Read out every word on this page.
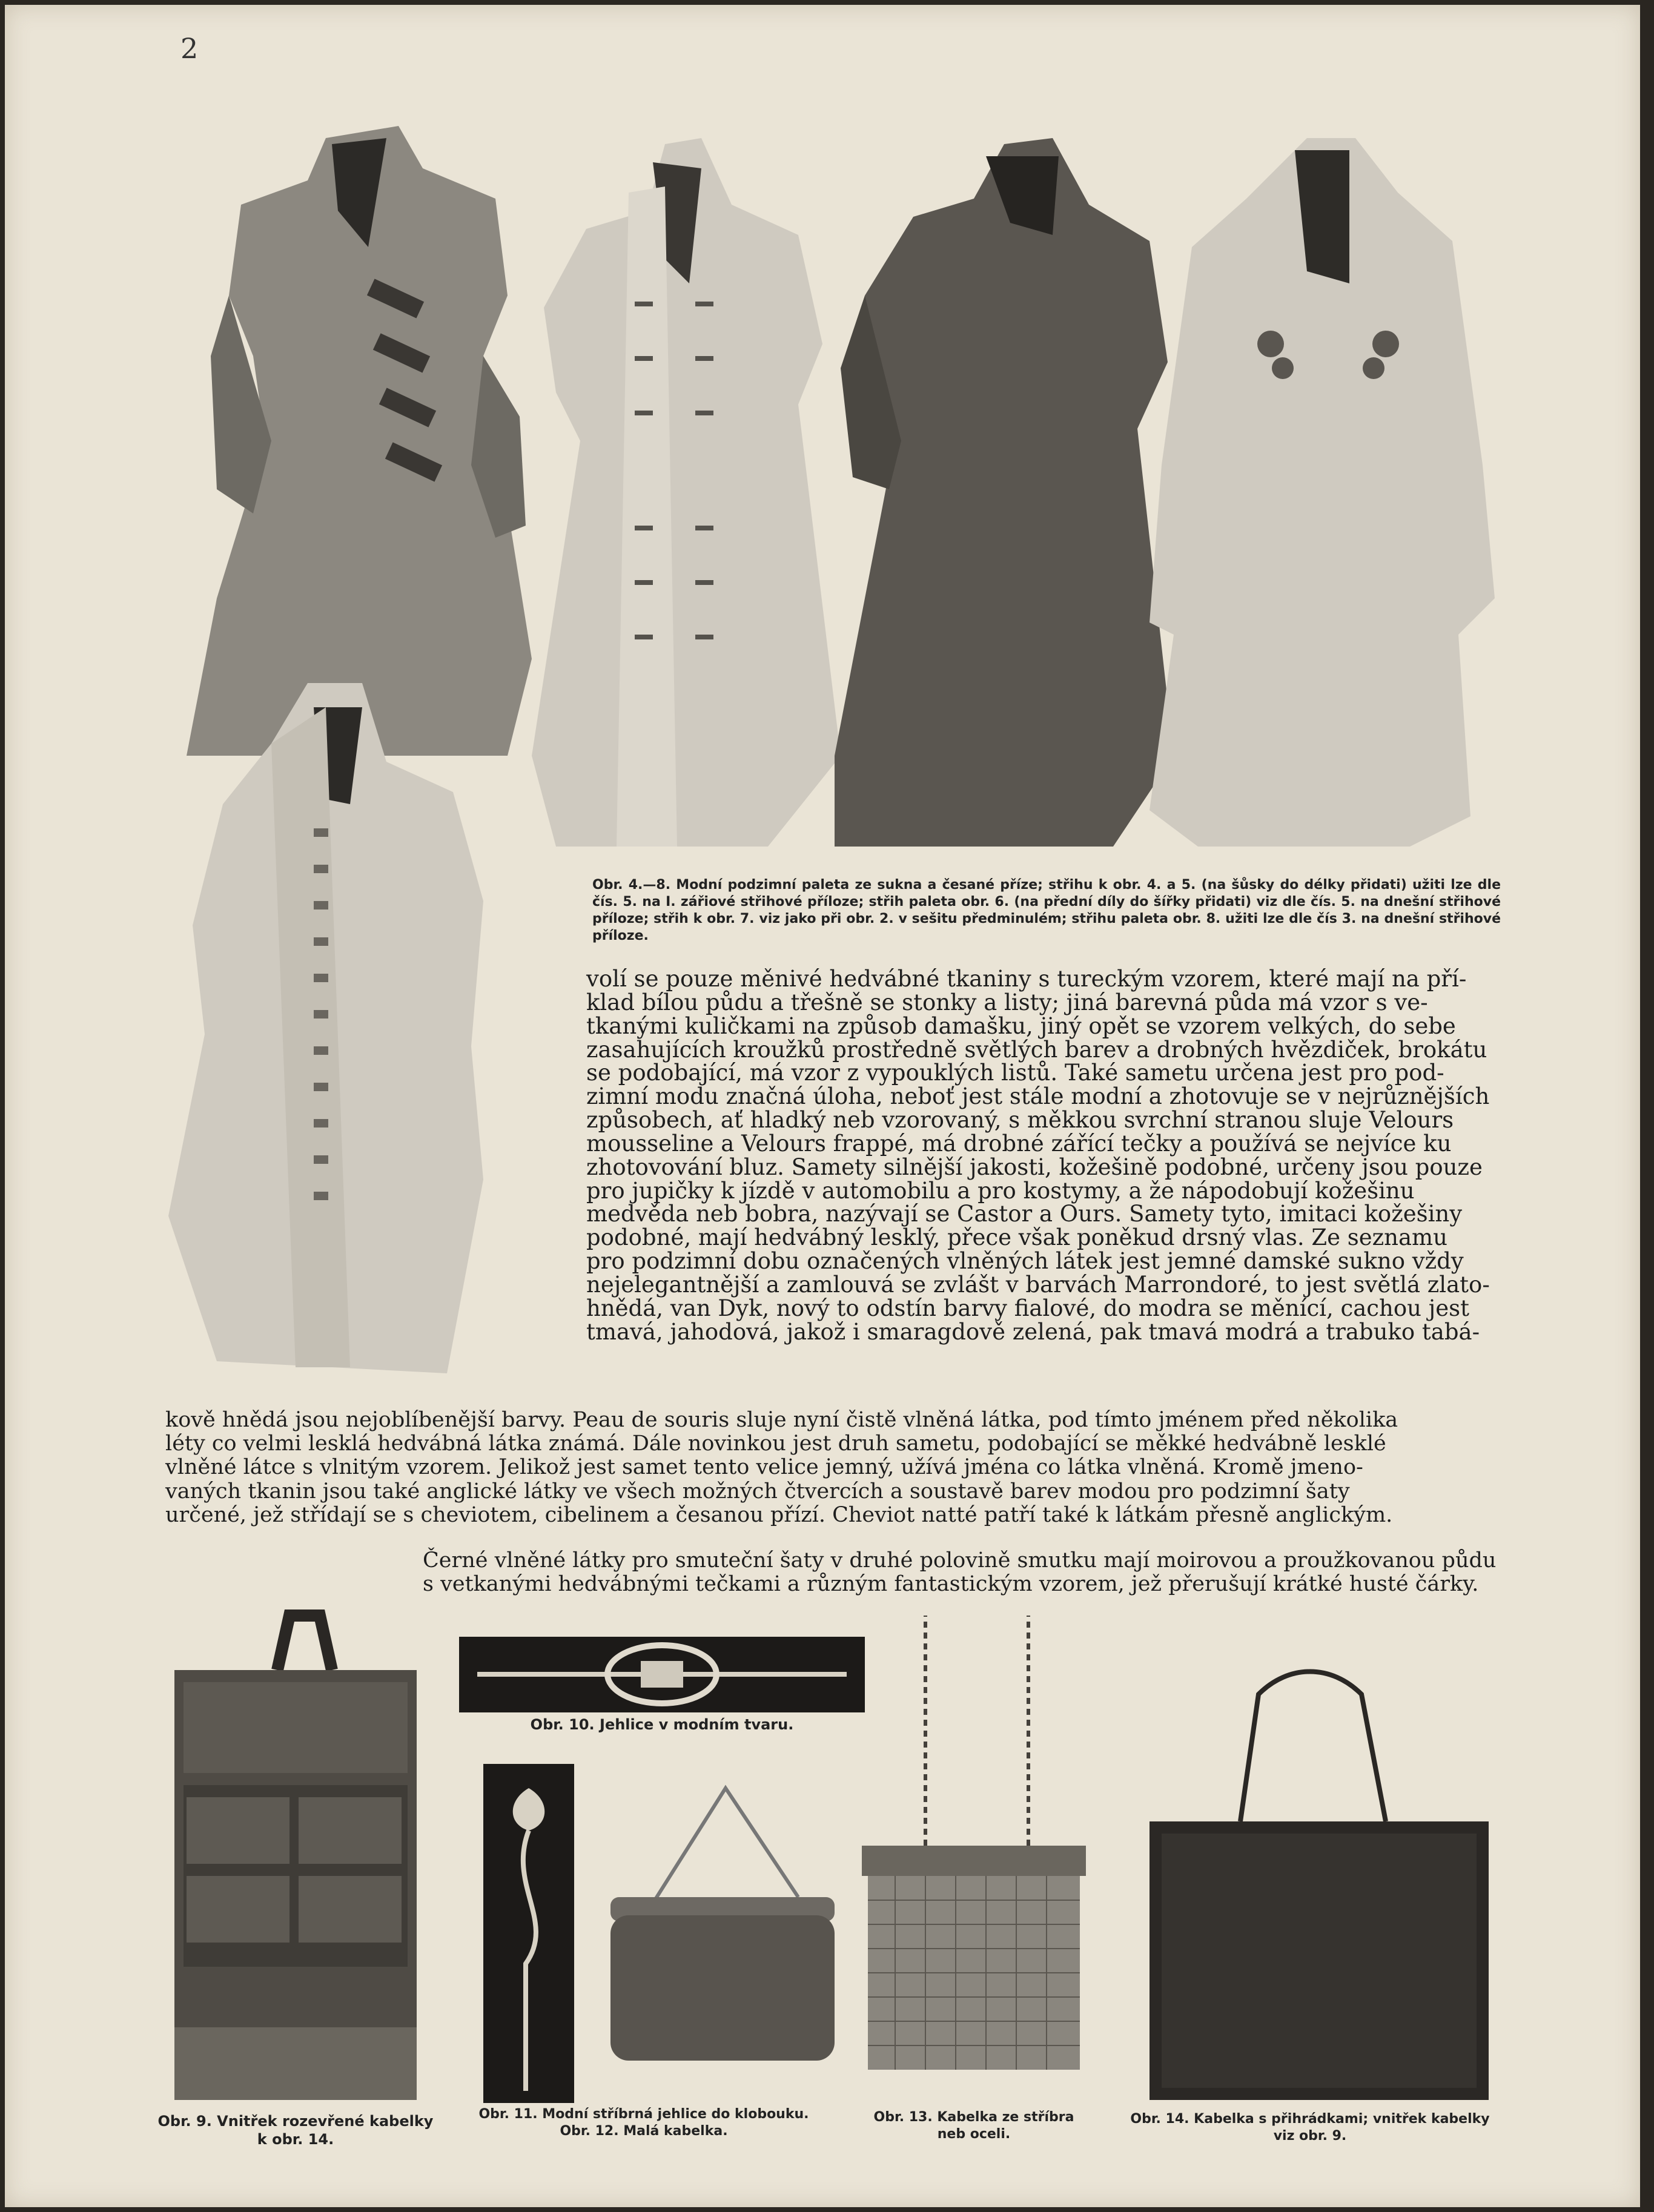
2
Obr. 4.—8. Modní podzimní paleta ze sukna a česané příze; střihu k obr. 4. a 5. (na šůsky do délky přidati) užiti lze dle čís. 5. na I. zářiové střihové příloze; střih paleta obr. 6. (na přední díly do šířky přidati) viz dle čís. 5. na dnešní střihové příloze; střih k obr. 7. viz jako při obr. 2. v sešitu předminulém; střihu paleta obr. 8. užiti lze dle čís 3. na dnešní střihové příloze.
volí se pouze měnivé hedvábné tkaniny s tureckým vzorem, které mají na pří-
klad bílou půdu a třešně se stonky a listy; jiná barevná půda má vzor s ve-
tkanými kuličkami na způsob damašku, jiný opět se vzorem velkých, do sebe
zasahujících kroužků prostředně světlých barev a drobných hvězdiček, brokátu
se podobající, má vzor z vypouklých listů. Také sametu určena jest pro pod-
zimní modu značná úloha, neboť jest stále modní a zhotovuje se v nejrůznějších
způsobech, ať hladký neb vzorovaný, s měkkou svrchní stranou sluje Velours
mousseline a Velours frappé, má drobné zářící tečky a používá se nejvíce ku
zhotovování bluz. Samety silnější jakosti, kožešině podobné, určeny jsou pouze
pro jupičky k jízdě v automobilu a pro kostymy, a že nápodobují kožešinu
medvěda neb bobra, nazývají se Castor a Ours. Samety tyto, imitaci kožešiny
podobné, mají hedvábný lesklý, přece však poněkud drsný vlas. Ze seznamu
pro podzimní dobu označených vlněných látek jest jemné damské sukno vždy
nejelegantnější a zamlouvá se zvlášt v barvách Marrondoré, to jest světlá zlato-
hnědá, van Dyk, nový to odstín barvy fialové, do modra se měnící, cachou jest
tmavá, jahodová, jakož i smaragdově zelená, pak tmavá modrá a trabuko tabá-
kově hnědá jsou nejoblíbenější barvy. Peau de souris sluje nyní čistě vlněná látka, pod tímto jménem před několika
léty co velmi lesklá hedvábná látka známá. Dále novinkou jest druh sametu, podobající se měkké hedvábně lesklé
vlněné látce s vlnitým vzorem. Jelikož jest samet tento velice jemný, užívá jména co látka vlněná. Kromě jmeno-
vaných tkanin jsou také anglické látky ve všech možných čtvercích a soustavě barev modou pro podzimní šaty
určené, jež střídají se s cheviotem, cibelinem a česanou přízí. Cheviot natté patří také k látkám přesně anglickým.
Černé vlněné látky pro smuteční šaty v druhé polovině smutku mají moirovou a proužkovanou půdu
s vetkanými hedvábnými tečkami a různým fantastickým vzorem, jež přerušují krátké husté čárky.
Obr. 9. Vnitřek rozevřené kabelky k obr. 14.
Obr. 10. Jehlice v modním tvaru.
Obr. 11. Modní stříbrná jehlice do klobouku. Obr. 12. Malá kabelka.
Obr. 13. Kabelka ze stříbra neb oceli.
Obr. 14. Kabelka s přihrádkami; vnitřek kabelky viz obr. 9.
